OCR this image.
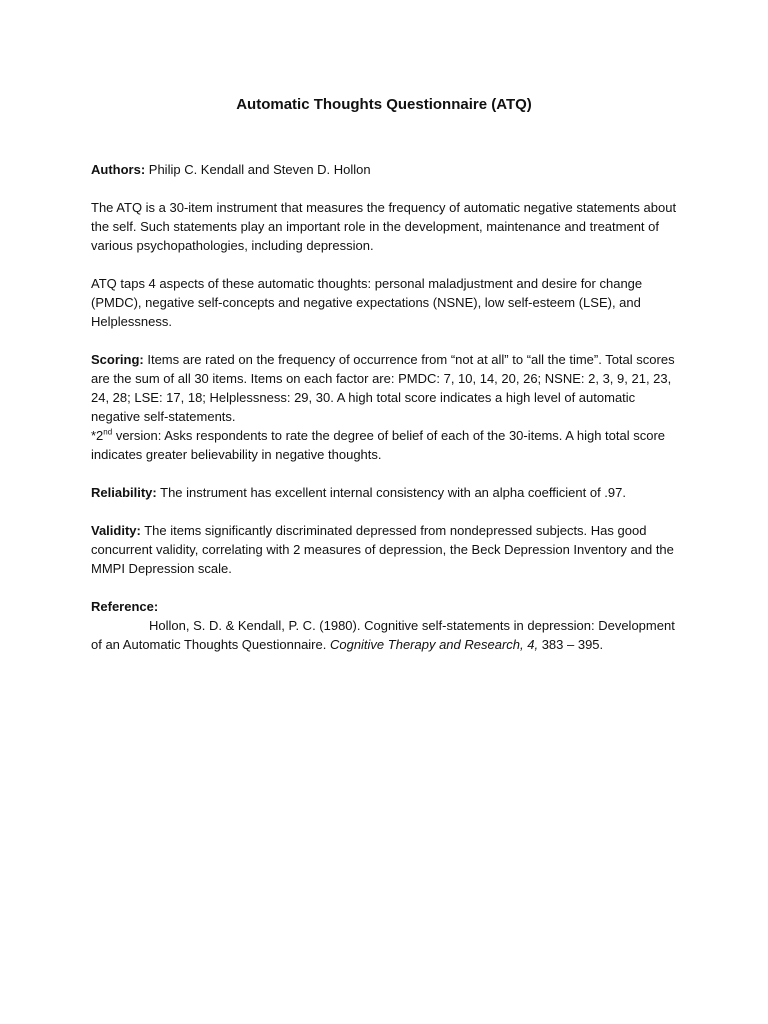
Automatic Thoughts Questionnaire (ATQ)

Authors: Philip C. Kendall and Steven D. Hollon

The ATQ is a 30-item instrument that measures the frequency of automatic negative statements about the self. Such statements play an important role in the development, maintenance and treatment of various psychopathologies, including depression.

ATQ taps 4 aspects of these automatic thoughts: personal maladjustment and desire for change (PMDC), negative self-concepts and negative expectations (NSNE), low self-esteem (LSE), and Helplessness.

Scoring: Items are rated on the frequency of occurrence from “not at all” to “all the time”. Total scores are the sum of all 30 items. Items on each factor are: PMDC: 7, 10, 14, 20, 26; NSNE: 2, 3, 9, 21, 23, 24, 28; LSE: 17, 18; Helplessness: 29, 30. A high total score indicates a high level of automatic negative self-statements.

*2nd version: Asks respondents to rate the degree of belief of each of the 30-items. A high total score indicates greater believability in negative thoughts.

Reliability: The instrument has excellent internal consistency with an alpha coefficient of .97.

Validity: The items significantly discriminated depressed from nondepressed subjects. Has good concurrent validity, correlating with 2 measures of depression, the Beck Depression Inventory and the MMPI Depression scale.

Reference:

Hollon, S. D. & Kendall, P. C. (1980). Cognitive self-statements in depression: Development of an Automatic Thoughts Questionnaire. Cognitive Therapy and Research, 4, 383 – 395.
